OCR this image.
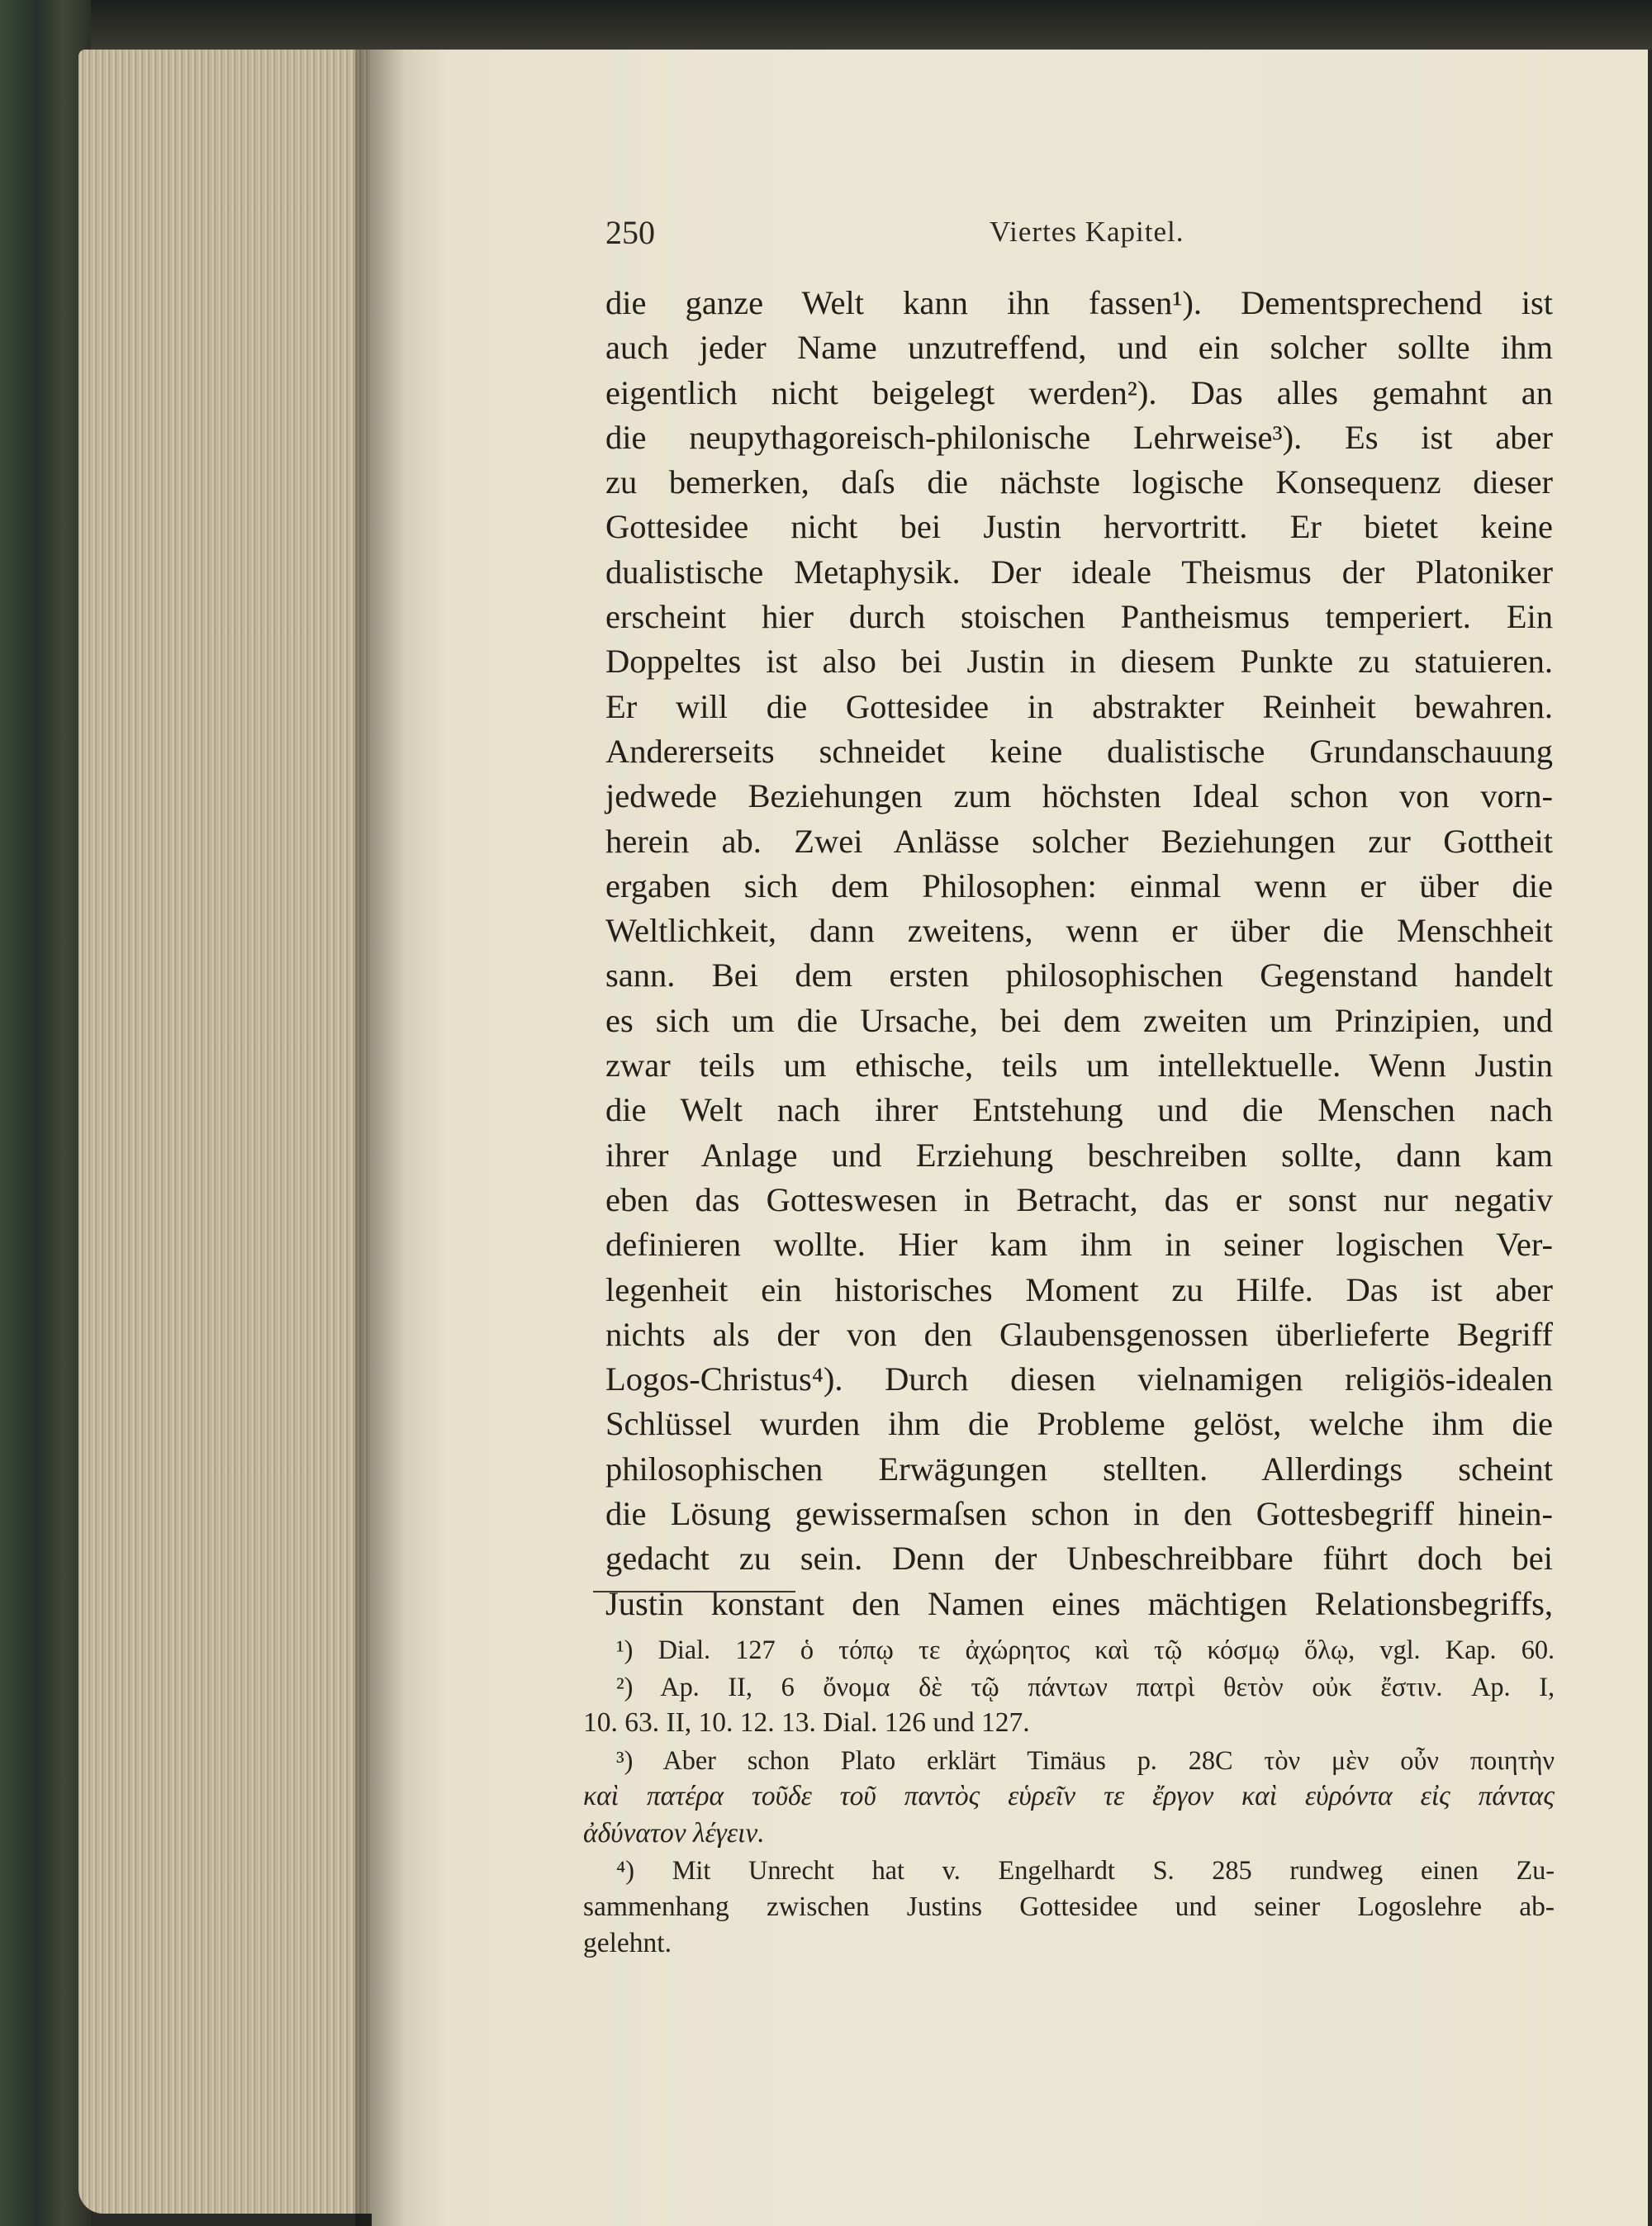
250	Viertes Kapitel.
die ganze Welt kann ihn fassen¹). Dementsprechend ist
auch jeder Name unzutreffend, und ein solcher sollte ihm
eigentlich nicht beigelegt werden²). Das alles gemahnt an
die neupythagoreisch-philonische Lehrweise³). Es ist aber
zu bemerken, daſs die nächste logische Konsequenz dieser
Gottesidee nicht bei Justin hervortritt. Er bietet keine
dualistische Metaphysik. Der ideale Theismus der Platoniker
erscheint hier durch stoischen Pantheismus temperiert. Ein
Doppeltes ist also bei Justin in diesem Punkte zu statuieren.
Er will die Gottesidee in abstrakter Reinheit bewahren.
Andererseits schneidet keine dualistische Grundanschauung
jedwede Beziehungen zum höchsten Ideal schon von vorn-
herein ab. Zwei Anlässe solcher Beziehungen zur Gottheit
ergaben sich dem Philosophen: einmal wenn er über die
Weltlichkeit, dann zweitens, wenn er über die Menschheit
sann. Bei dem ersten philosophischen Gegenstand handelt
es sich um die Ursache, bei dem zweiten um Prinzipien, und
zwar teils um ethische, teils um intellektuelle. Wenn Justin
die Welt nach ihrer Entstehung und die Menschen nach
ihrer Anlage und Erziehung beschreiben sollte, dann kam
eben das Gotteswesen in Betracht, das er sonst nur negativ
definieren wollte. Hier kam ihm in seiner logischen Ver-
legenheit ein historisches Moment zu Hilfe. Das ist aber
nichts als der von den Glaubensgenossen überlieferte Begriff
Logos-Christus⁴). Durch diesen vielnamigen religiös-idealen
Schlüssel wurden ihm die Probleme gelöst, welche ihm die
philosophischen Erwägungen stellten. Allerdings scheint
die Lösung gewissermaſsen schon in den Gottesbegriff hinein-
gedacht zu sein. Denn der Unbeschreibbare führt doch bei
Justin konstant den Namen eines mächtigen Relationsbegriffs,
¹) Dial. 127 ὁ τόπῳ τε ἀχώρητος καὶ τῷ κόσμῳ ὅλῳ, vgl. Kap. 60.
²) Ap. II, 6 ὄνομα δὲ τῷ πάντων πατρὶ θετὸν οὐκ ἔστιν. Ap. I,
10. 63. II, 10. 12. 13. Dial. 126 und 127.
³) Aber schon Plato erklärt Timäus p. 28C τὸν μὲν οὖν ποιητὴν
καὶ πατέρα τοῦδε τοῦ παντὸς εὑρεῖν τε ἔργον καὶ εὑρόντα εἰς πάντας
ἀδύνατον λέγειν.
⁴) Mit Unrecht hat v. Engelhardt S. 285 rundweg einen Zu-
sammenhang zwischen Justins Gottesidee und seiner Logoslehre ab-
gelehnt.
